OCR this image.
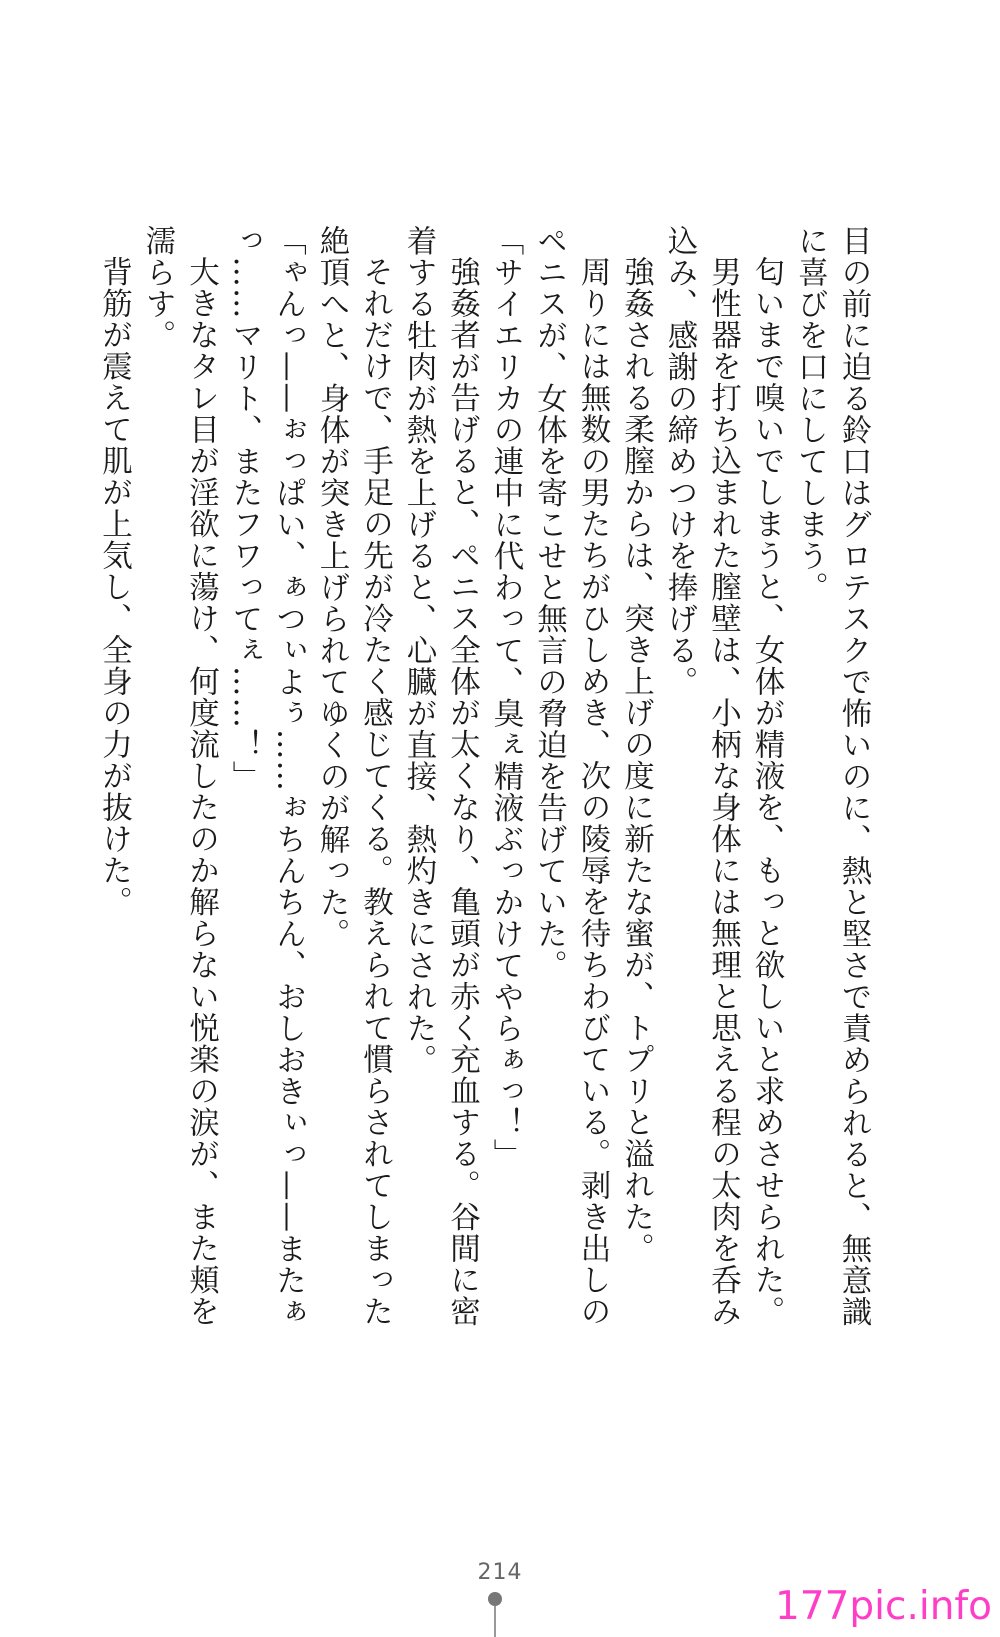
目の前に迫る鈴口はグロテスクで怖いのに、熱と堅さで責められると、無意識に喜びを口にしてしまう。

匂いまで嗅いでしまうと、女体が精液を、もっと欲しいと求めさせられた。

男性器を打ち込まれた膣壁は、小柄な身体には無理と思える程の太肉を呑み込み、感謝の締めつけを捧げる。

強姦される柔膣からは、突き上げの度に新たな蜜が、トプリと溢れた。

周りには無数の男たちがひしめき、次の陵辱を待ちわびている。剥き出しのペニスが、女体を寄こせと無言の脅迫を告げていた。

「サイエリカの連中に代わって、臭ぇ精液ぶっかけてやらぁっ！」

強姦者が告げると、ペニス全体が太くなり、亀頭が赤く充血する。谷間に密着する牡肉が熱を上げると、心臓が直接、熱灼きにされた。

それだけで、手足の先が冷たく感じてくる。教えられて慣らされてしまった絶頂へと、身体が突き上げられてゆくのが解った。

「ゃんっ——ぉっぱい、ぁつぃよぅ……ぉちんちん、おしおきぃっ——またぁっ……マリト、またフワってぇ……！」

大きなタレ目が淫欲に蕩け、何度流したのか解らない悦楽の涙が、また頬を濡らす。

背筋が震えて肌が上気し、全身の力が抜けた。

214
177pic.info
